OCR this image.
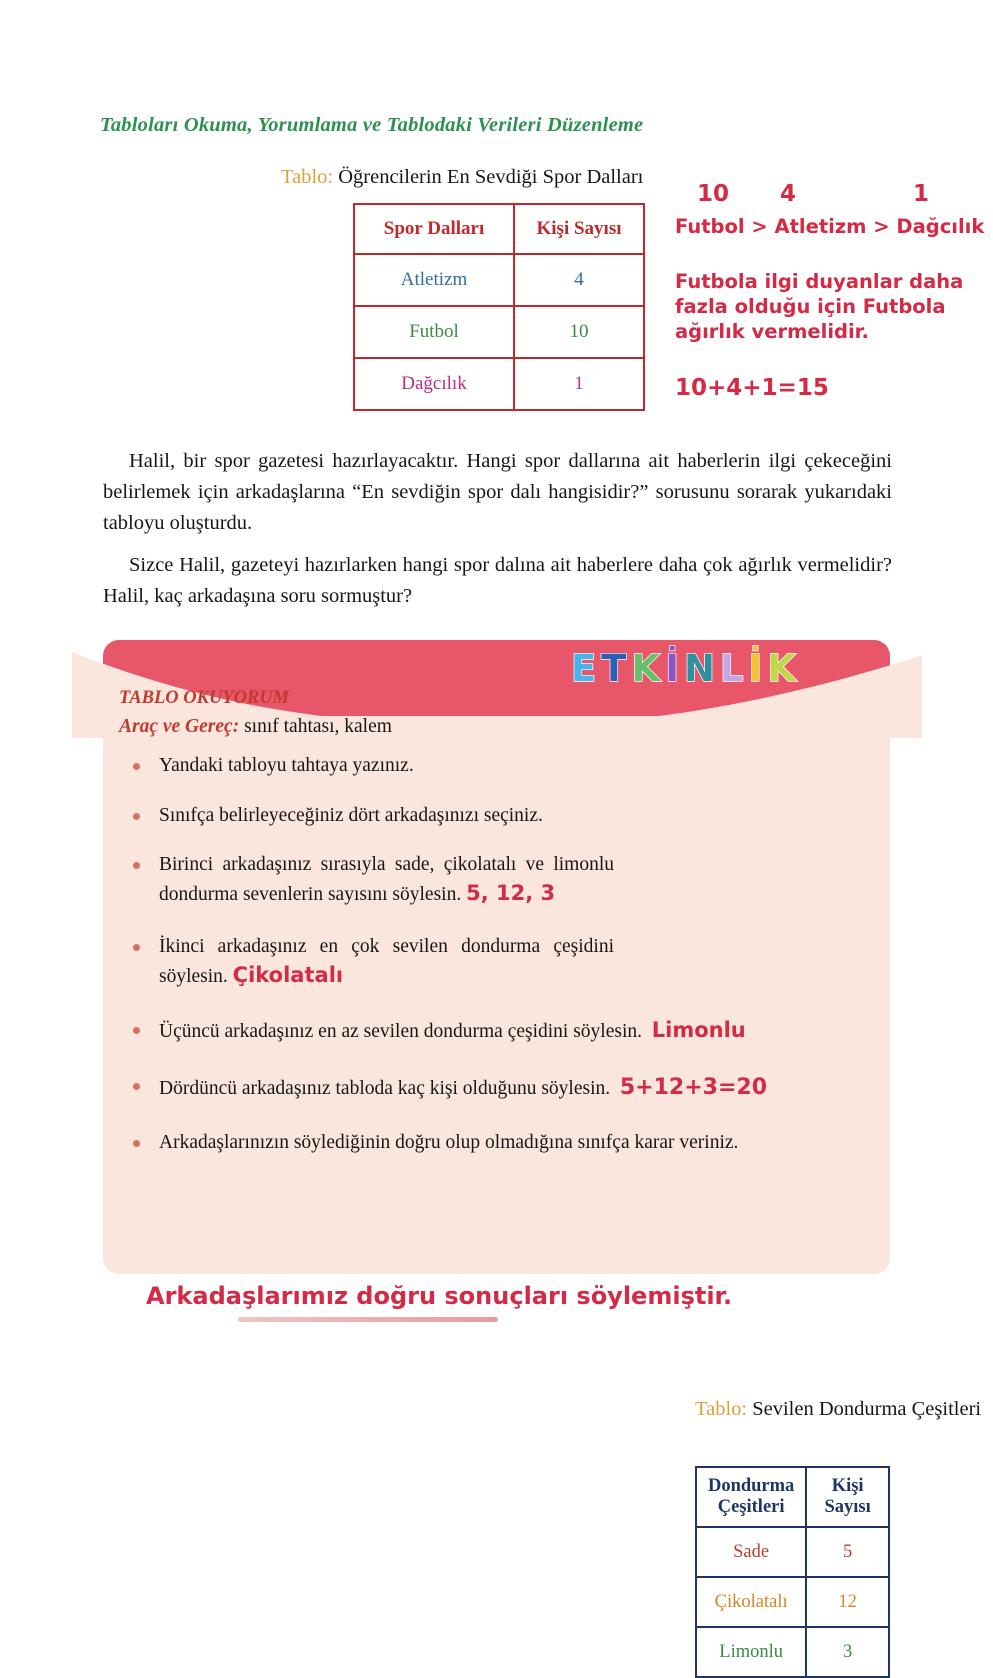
Tabloları Okuma, Yorumlama ve Tablodaki Verileri Düzenleme
Tablo: Öğrencilerin En Sevdiği Spor Dalları
Spor Dalları	Kişi Sayısı
Atletizm	4
Futbol	10
Dağcılık	1
10 4	1
Futbol > Atletizm > Dağcılık
Futbola ilgi duyanlar daha fazla olduğu için Futbola ağırlık vermelidir.
10+4+1=15
Halil, bir spor gazetesi hazırlayacaktır. Hangi spor dallarına ait haberlerin ilgi çekeceğini belirlemek için arkadaşlarına “En sevdiğin spor dalı hangisidir?” sorusunu sorarak yukarıdaki tabloyu oluşturdu.
Sizce Halil, gazeteyi hazırlarken hangi spor dalına ait haberlere daha çok ağırlık vermelidir? Halil, kaç arkadaşına soru sormuştur?
ETKİNLİK
TABLO OKUYORUM
Araç ve Gereç: sınıf tahtası, kalem
Tablo: Sevilen Dondurma Çeşitleri
Dondurma
Çeşitleri	Kişi Sayısı
Sade	5
Çikolatalı	12
Limonlu	3
Yandaki tabloyu tahtaya yazınız.
Sınıfça belirleyeceğiniz dört arkadaşınızı seçiniz.
Birinci arkadaşınız sırasıyla sade, çikolatalı ve limonlu dondurma sevenlerin sayısını söylesin. 5, 12, 3
İkinci arkadaşınız en çok sevilen dondurma çeşidini söylesin. Çikolatalı
Üçüncü arkadaşınız en az sevilen dondurma çeşidini söylesin. Limonlu
Dördüncü arkadaşınız tabloda kaç kişi olduğunu söylesin. 5+12+3=20
Arkadaşlarınızın söylediğinin doğru olup olmadığına sınıfça karar veriniz.
Arkadaşlarımız doğru sonuçları söylemiştir.
